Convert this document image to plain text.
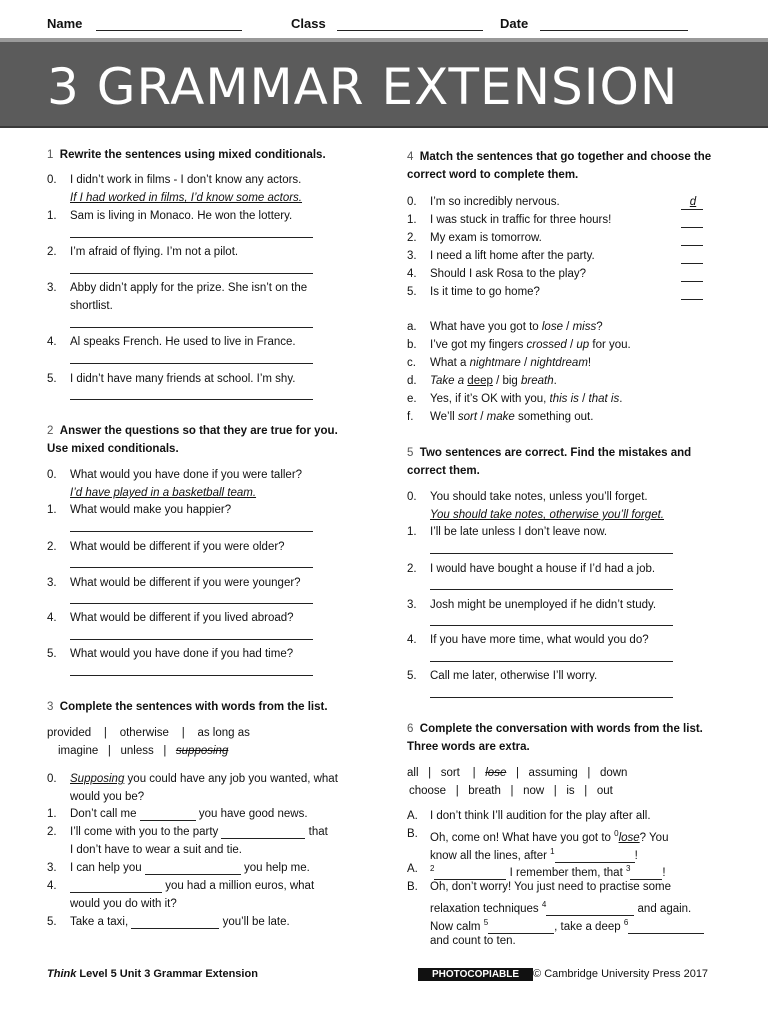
Name	Class	Date
3 GRAMMAR EXTENSION
1 Rewrite the sentences using mixed conditionals.
0.	I didn’t work in films - I don’t know any actors.
If I had worked in films, I’d know some actors.
1.	Sam is living in Monaco. He won the lottery.
2.	I’m afraid of flying. I’m not a pilot.
3.	Abby didn’t apply for the prize. She isn’t on the
shortlist.
4.	Al speaks French. He used to live in France.
5.	I didn’t have many friends at school. I’m shy.
2 Answer the questions so that they are true for you.
Use mixed conditionals.
0.	What would you have done if you were taller?
I’d have played in a basketball team.
1.	What would make you happier?
2.	What would be different if you were older?
3.	What would be different if you were younger?
4.	What would be different if you lived abroad?
5.	What would you have done if you had time?
3 Complete the sentences with words from the list.
provided | otherwise | as long as
imagine | unless | supposing
0.	Supposing you could have any job you wanted, what
would you be?
1.	Don’t call me	you have good news.
2.	I’ll come with you to the party	that
I don’t have to wear a suit and tie.
3.	I can help you	you help me.
4.	you had a million euros, what
would you do with it?
5.	Take a taxi,	you’ll be late.
4 Match the sentences that go together and choose the
correct word to complete them.
0.	I’m so incredibly nervous.	d
1.	I was stuck in traffic for three hours!
2.	My exam is tomorrow.
3.	I need a lift home after the party.
4.	Should I ask Rosa to the play?
5.	Is it time to go home?
a.	What have you got to lose / miss?
b.	I’ve got my fingers crossed / up for you.
c.	What a nightmare / nightdream!
d.	Take a deep / big breath.
e.	Yes, if it’s OK with you, this is / that is.
f.	We’ll sort / make something out.
5 Two sentences are correct. Find the mistakes and
correct them.
0.	You should take notes, unless you’ll forget.
You should take notes, otherwise you’ll forget.
1.	I’ll be late unless I don’t leave now.
2.	I would have bought a house if I’d had a job.
3.	Josh might be unemployed if he didn’t study.
4.	If you have more time, what would you do?
5.	Call me later, otherwise I’ll worry.
6 Complete the conversation with words from the list.
Three words are extra.
all | sort | lose | assuming | down
choose | breath | now | is | out
A.	I don’t think I’ll audition for the play after all.
B.	Oh, come on! What have you got to $^0$lose? You
know all the lines, after $^1$	!
A.	$^2$	I remember them, that $^3$	!
B.	Oh, don’t worry! You just need to practise some
relaxation techniques $^4$	and again.
Now calm $^5$	, take a deep $^6$
and count to ten.
Think Level 5 Unit 3 Grammar Extension	PHOTOCOPIABLE © Cambridge University Press 2017
